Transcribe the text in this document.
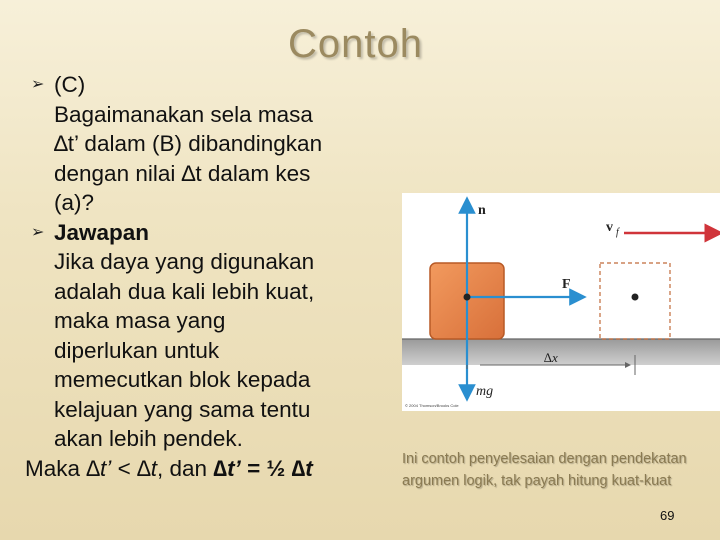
Contoh
➢ (C)
Bagaimanakan sela masa
∆t’ dalam (B) dibandingkan
dengan nilai ∆t dalam kes
(a)?
➢ Jawapan
Jika daya yang digunakan
adalah dua kali lebih kuat,
maka masa yang
diperlukan untuk
memecutkan blok kepada
kelajuan yang sama tentu
akan lebih pendek.
Maka ∆t’ < ∆t, dan ∆t’ = ½ ∆t
n
v f
F
∆x
mg
© 2004 Thomson/Brooks Cole
Ini contoh penyelesaian dengan pendekatan argumen logik, tak payah hitung kuat-kuat
69
